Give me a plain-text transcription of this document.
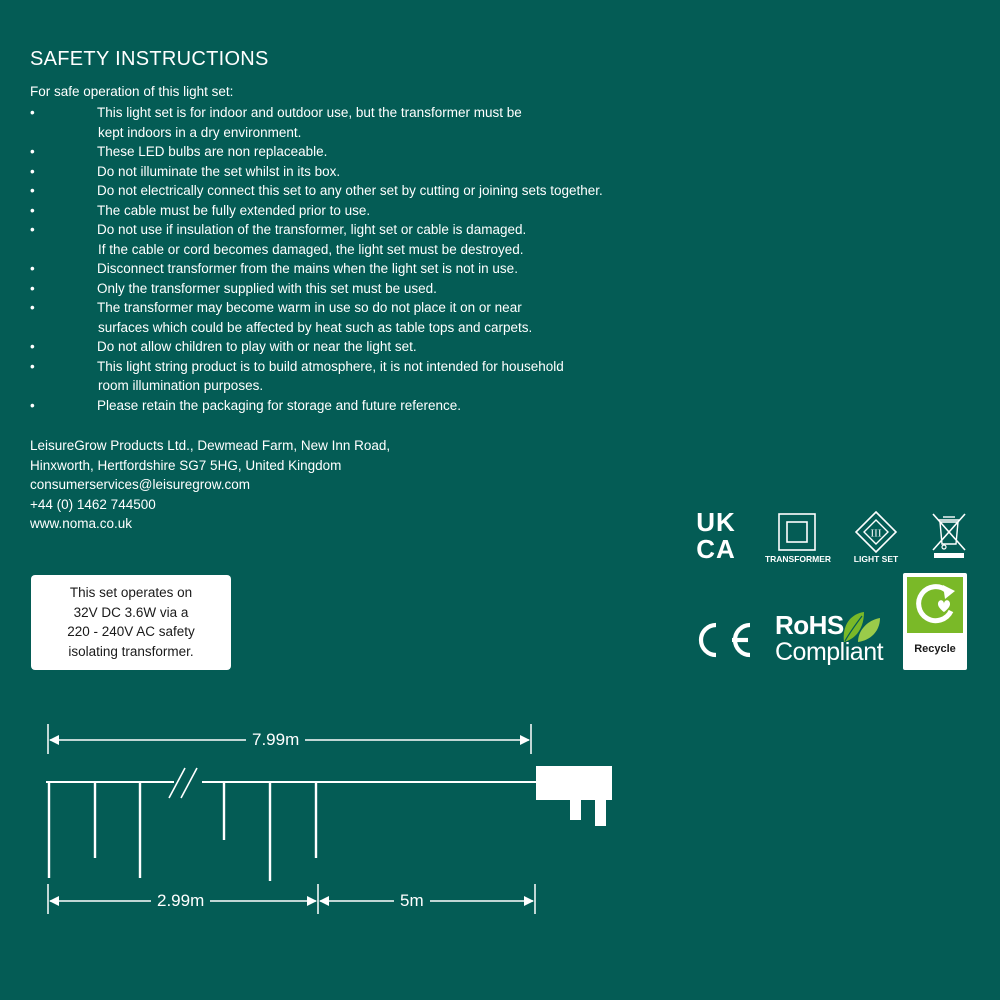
SAFETY INSTRUCTIONS
For safe operation of this light set:
•	This light set is for indoor and outdoor use, but the transformer must be
kept indoors in a dry environment.
•	These LED bulbs are non replaceable.
•	Do not illuminate the set whilst in its box.
•	Do not electrically connect this set to any other set by cutting or joining sets together.
•	The cable must be fully extended prior to use.
•	Do not use if insulation of the transformer, light set or cable is damaged.
If the cable or cord becomes damaged, the light set must be destroyed.
•	Disconnect transformer from the mains when the light set is not in use.
•	Only the transformer supplied with this set must be used.
•	The transformer may become warm in use so do not place it on or near
surfaces which could be affected by heat such as table tops and carpets.
•	Do not allow children to play with or near the light set.
•	This light string product is to build atmosphere, it is not intended for household
room illumination purposes.
•	Please retain the packaging for storage and future reference.
LeisureGrow Products Ltd., Dewmead Farm, New Inn Road,
Hinxworth, Hertfordshire SG7 5HG, United Kingdom
consumerservices@leisuregrow.com
+44 (0) 1462 744500
www.noma.co.uk
This set operates on
32V DC 3.6W via a
220 - 240V AC safety
isolating transformer.
UK
CA	TRANSFORMER
III
LIGHT SET
CE	RoHS
Compliant	Recycle
7.99m
2.99m	5m
